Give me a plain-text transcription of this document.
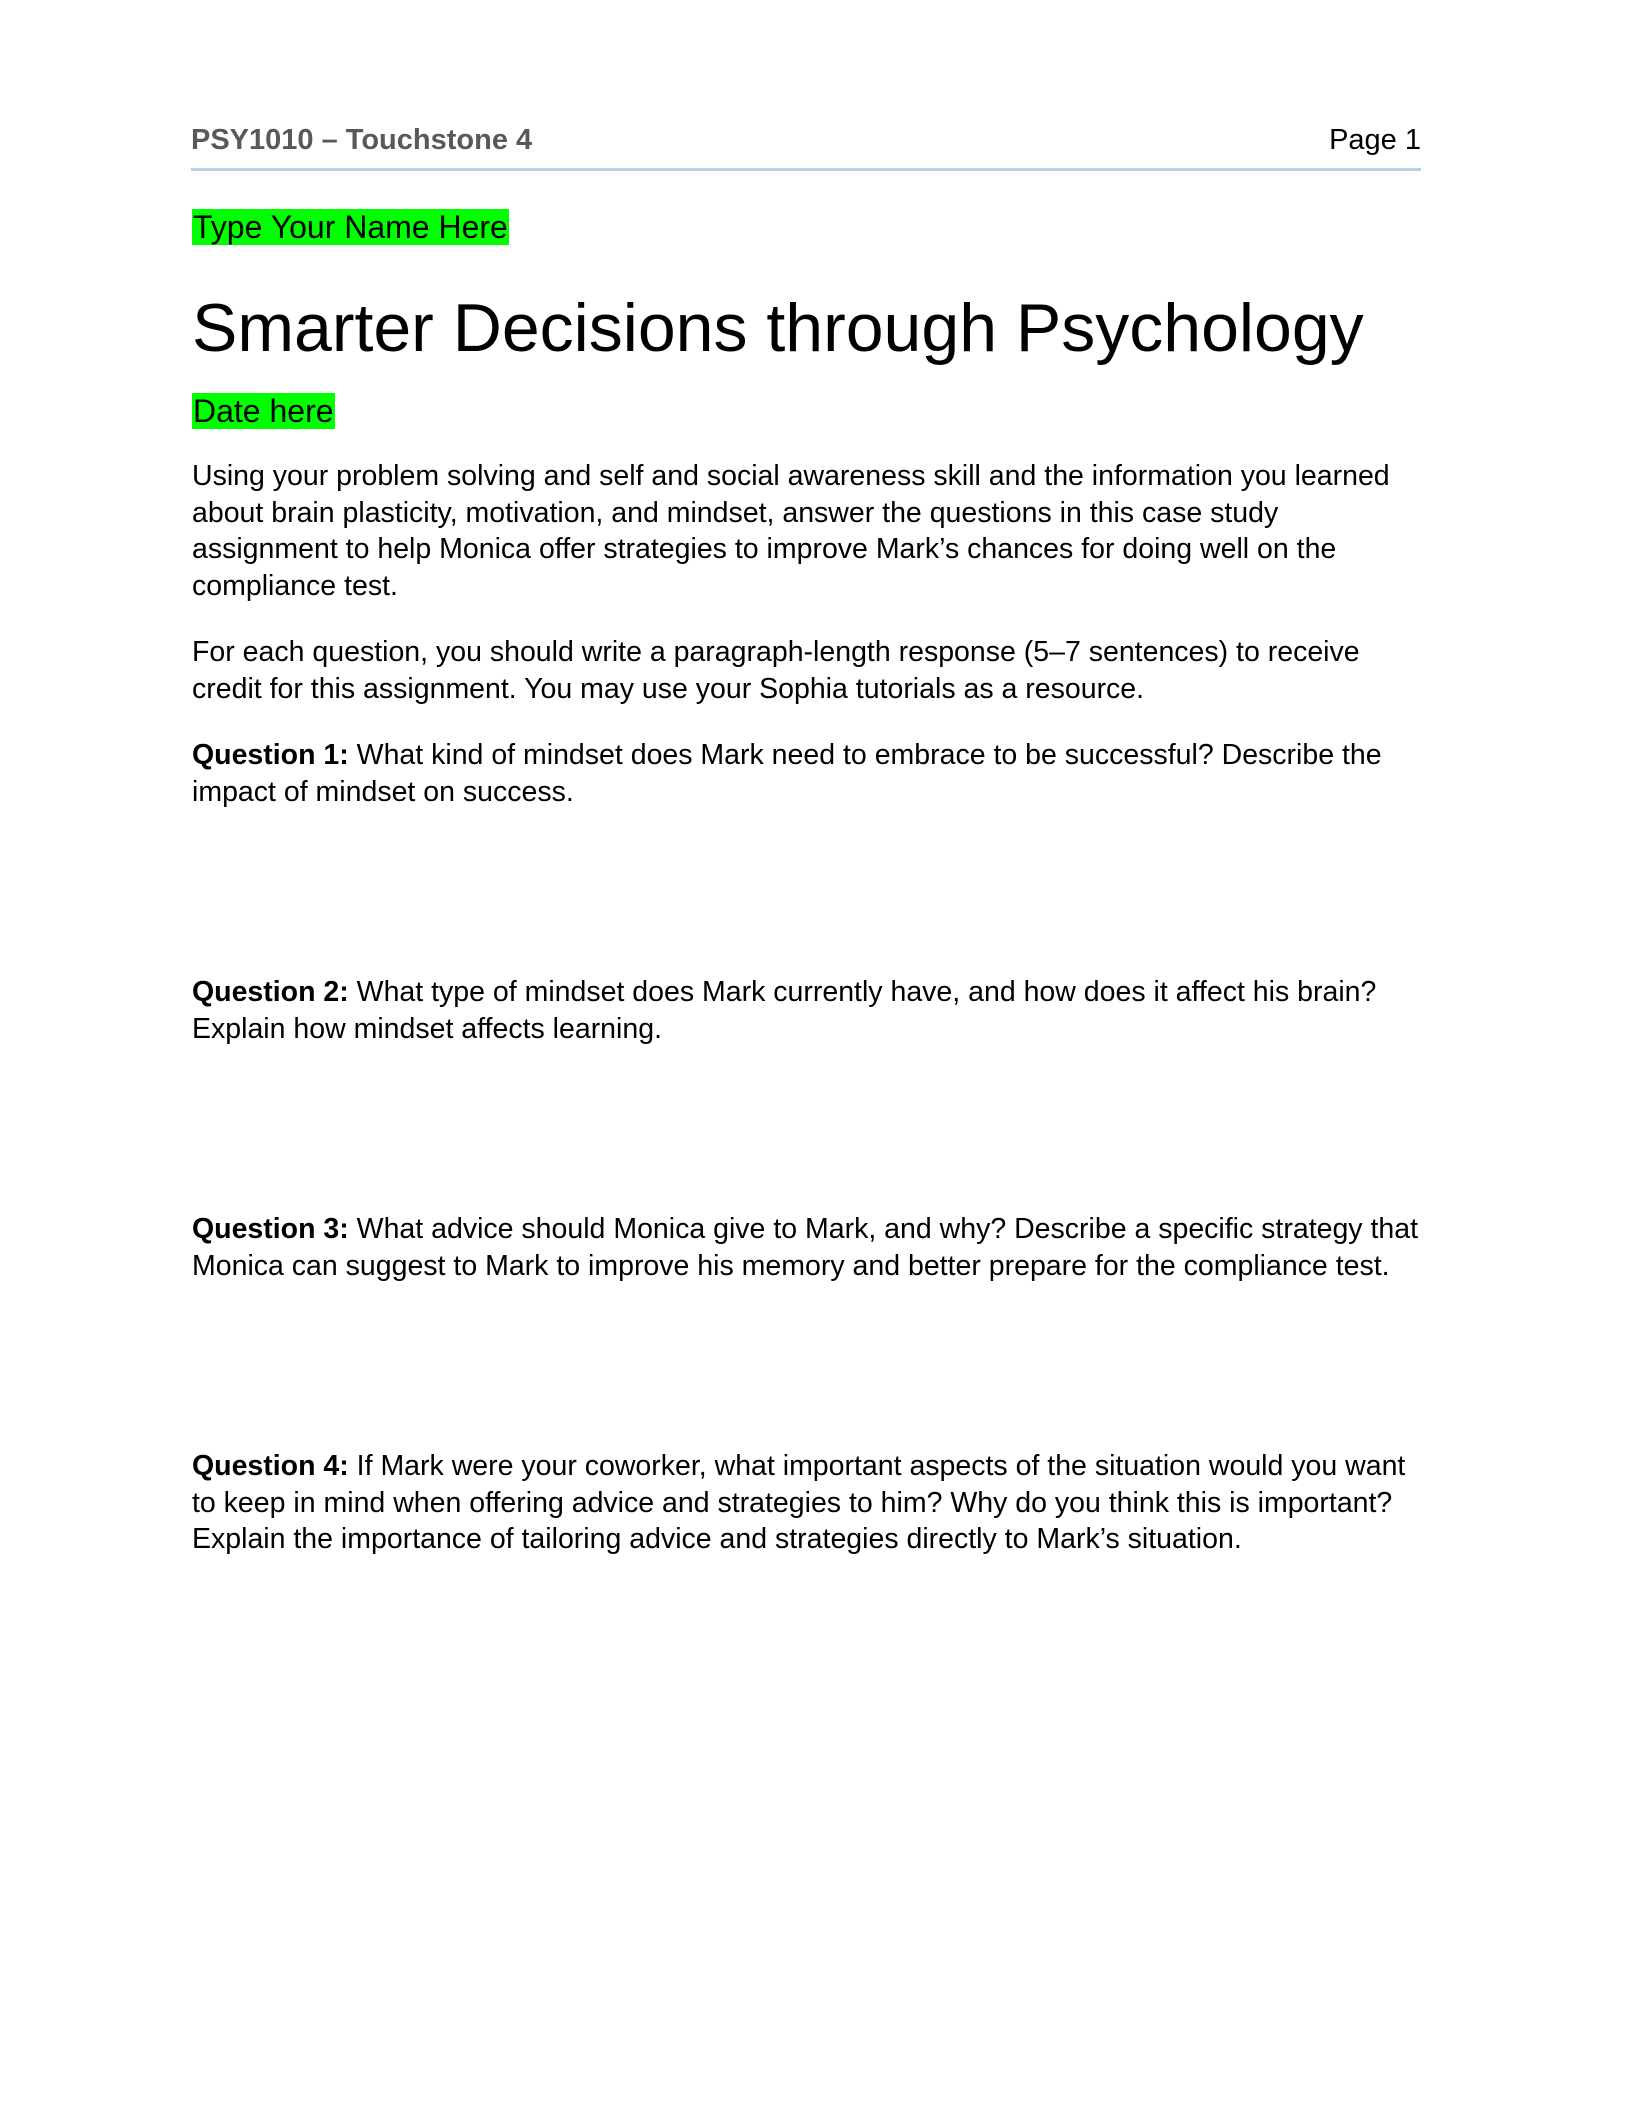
PSY1010 – Touchstone 4	Page 1
Type Your Name Here
Smarter Decisions through Psychology
Date here

Using your problem solving and self and social awareness skill and the information you learned about brain plasticity, motivation, and mindset, answer the questions in this case study assignment to help Monica offer strategies to improve Mark’s chances for doing well on the compliance test.

For each question, you should write a paragraph-length response (5–7 sentences) to receive credit for this assignment. You may use your Sophia tutorials as a resource.

Question 1: What kind of mindset does Mark need to embrace to be successful? Describe the impact of mindset on success.

Question 2: What type of mindset does Mark currently have, and how does it affect his brain? Explain how mindset affects learning.

Question 3: What advice should Monica give to Mark, and why? Describe a specific strategy that Monica can suggest to Mark to improve his memory and better prepare for the compliance test.

Question 4: If Mark were your coworker, what important aspects of the situation would you want to keep in mind when offering advice and strategies to him? Why do you think this is important? Explain the importance of tailoring advice and strategies directly to Mark’s situation.
